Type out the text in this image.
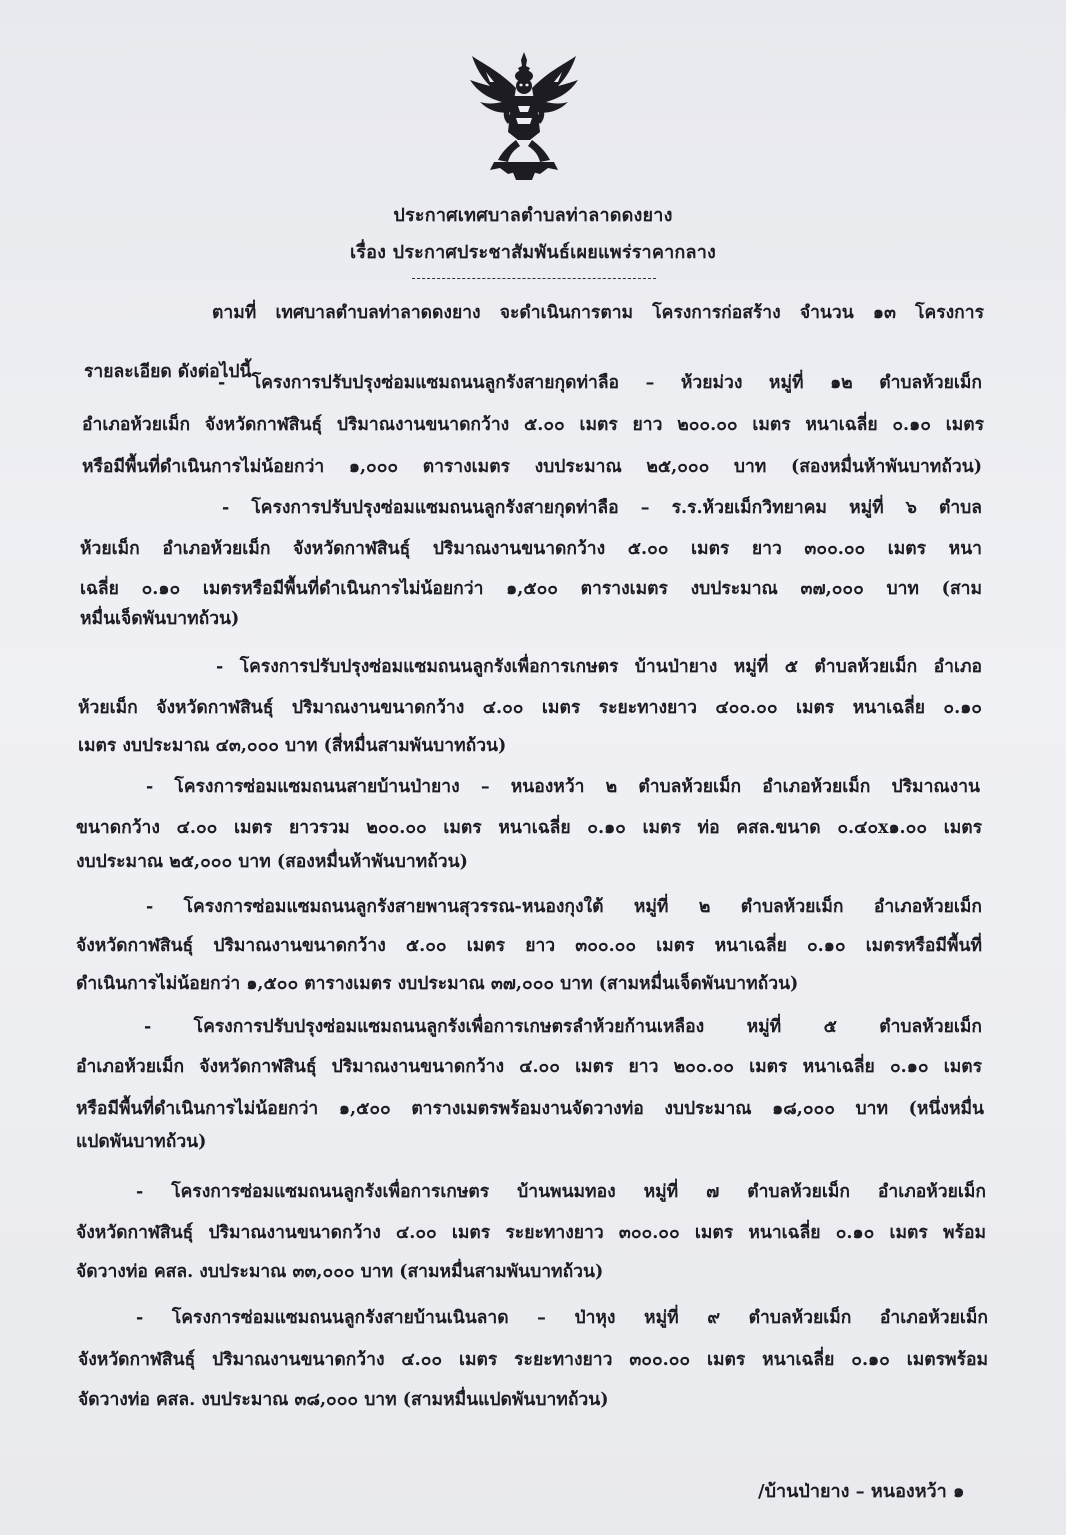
ประกาศเทศบาลตำบลท่าลาดดงยาง
เรื่อง ประกาศประชาสัมพันธ์เผยแพร่ราคากลาง
ตามที่ เทศบาลตำบลท่าลาดดงยาง จะดำเนินการตาม โครงการก่อสร้าง จำนวน ๑๓ โครงการ
รายละเอียด ดังต่อไปนี้
- โครงการปรับปรุงซ่อมแซมถนนลูกรังสายกุดท่าลือ – ห้วยม่วง หมู่ที่ ๑๒ ตำบลห้วยเม็ก
อำเภอห้วยเม็ก จังหวัดกาฬสินธุ์ ปริมาณงานขนาดกว้าง ๕.๐๐ เมตร ยาว ๒๐๐.๐๐ เมตร หนาเฉลี่ย ๐.๑๐ เมตร
หรือมีพื้นที่ดำเนินการไม่น้อยกว่า ๑,๐๐๐ ตารางเมตร งบประมาณ ๒๕,๐๐๐ บาท (สองหมื่นห้าพันบาทถ้วน)
- โครงการปรับปรุงซ่อมแซมถนนลูกรังสายกุดท่าลือ – ร.ร.ห้วยเม็กวิทยาคม หมู่ที่ ๖ ตำบล
ห้วยเม็ก อำเภอห้วยเม็ก จังหวัดกาฬสินธุ์ ปริมาณงานขนาดกว้าง ๕.๐๐ เมตร ยาว ๓๐๐.๐๐ เมตร หนา
เฉลี่ย ๐.๑๐ เมตรหรือมีพื้นที่ดำเนินการไม่น้อยกว่า ๑,๕๐๐ ตารางเมตร งบประมาณ ๓๗,๐๐๐ บาท (สาม
หมื่นเจ็ดพันบาทถ้วน)
- โครงการปรับปรุงซ่อมแซมถนนลูกรังเพื่อการเกษตร บ้านป่ายาง หมู่ที่ ๕ ตำบลห้วยเม็ก อำเภอ
ห้วยเม็ก จังหวัดกาฬสินธุ์ ปริมาณงานขนาดกว้าง ๔.๐๐ เมตร ระยะทางยาว ๔๐๐.๐๐ เมตร หนาเฉลี่ย ๐.๑๐
เมตร งบประมาณ ๔๓,๐๐๐ บาท (สี่หมื่นสามพันบาทถ้วน)
- โครงการซ่อมแซมถนนสายบ้านป่ายาง – หนองหว้า ๒ ตำบลห้วยเม็ก อำเภอห้วยเม็ก ปริมาณงาน
ขนาดกว้าง ๔.๐๐ เมตร ยาวรวม ๒๐๐.๐๐ เมตร หนาเฉลี่ย ๐.๑๐ เมตร ท่อ คสล.ขนาด ๐.๔๐x๑.๐๐ เมตร
งบประมาณ ๒๕,๐๐๐ บาท (สองหมื่นห้าพันบาทถ้วน)
- โครงการซ่อมแซมถนนลูกรังสายพานสุวรรณ-หนองกุงใต้ หมู่ที่ ๒ ตำบลห้วยเม็ก อำเภอห้วยเม็ก
จังหวัดกาฬสินธุ์ ปริมาณงานขนาดกว้าง ๕.๐๐ เมตร ยาว ๓๐๐.๐๐ เมตร หนาเฉลี่ย ๐.๑๐ เมตรหรือมีพื้นที่
ดำเนินการไม่น้อยกว่า ๑,๕๐๐ ตารางเมตร งบประมาณ ๓๗,๐๐๐ บาท (สามหมื่นเจ็ดพันบาทถ้วน)
- โครงการปรับปรุงซ่อมแซมถนนลูกรังเพื่อการเกษตรลำห้วยก้านเหลือง หมู่ที่ ๕ ตำบลห้วยเม็ก
อำเภอห้วยเม็ก จังหวัดกาฬสินธุ์ ปริมาณงานขนาดกว้าง ๔.๐๐ เมตร ยาว ๒๐๐.๐๐ เมตร หนาเฉลี่ย ๐.๑๐ เมตร
หรือมีพื้นที่ดำเนินการไม่น้อยกว่า ๑,๕๐๐ ตารางเมตรพร้อมงานจัดวางท่อ งบประมาณ ๑๘,๐๐๐ บาท (หนึ่งหมื่น
แปดพันบาทถ้วน)
- โครงการซ่อมแซมถนนลูกรังเพื่อการเกษตร บ้านพนมทอง หมู่ที่ ๗ ตำบลห้วยเม็ก อำเภอห้วยเม็ก
จังหวัดกาฬสินธุ์ ปริมาณงานขนาดกว้าง ๔.๐๐ เมตร ระยะทางยาว ๓๐๐.๐๐ เมตร หนาเฉลี่ย ๐.๑๐ เมตร พร้อม
จัดวางท่อ คสล. งบประมาณ ๓๓,๐๐๐ บาท (สามหมื่นสามพันบาทถ้วน)
- โครงการซ่อมแซมถนนลูกรังสายบ้านเนินลาด – ป่าหุง หมู่ที่ ๙ ตำบลห้วยเม็ก อำเภอห้วยเม็ก
จังหวัดกาฬสินธุ์ ปริมาณงานขนาดกว้าง ๔.๐๐ เมตร ระยะทางยาว ๓๐๐.๐๐ เมตร หนาเฉลี่ย ๐.๑๐ เมตรพร้อม
จัดวางท่อ คสล. งบประมาณ ๓๘,๐๐๐ บาท (สามหมื่นแปดพันบาทถ้วน)
/บ้านป่ายาง – หนองหว้า ๑
